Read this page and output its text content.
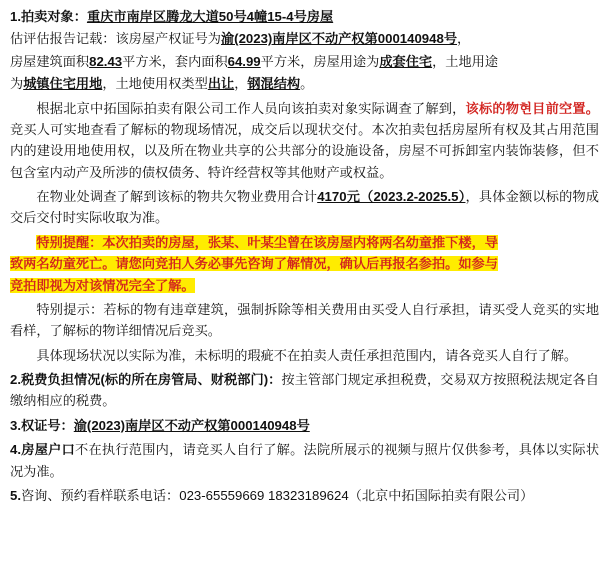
1.拍卖对象：重庆市南岸区腾龙大道50号4幢15-4号房屋

估评估报告记载：该房屋产权证号为渝(2023)南岸区不动产权第000140948号，

房屋建筑面积82.43平方米，套内面积64.99平方米，房屋用途为成套住宅，土地用途

为城镇住宅用地，土地使用权类型出让，钢混结构。

根据北京中拓国际拍卖有限公司工作人员向该拍卖对象实际调查了解到，该标的物현目前空置。竞买人可实地查看了解标的物现场情况，成交后以现状交付。本次拍卖包括房屋所有权及其占用范围内的建设用地使用权，以及所在物业共享的公共部分的设施设备，房屋不可拆卸室内装饰装修，但不包含室内动产及所涉的债权债务、特许经营权等其他财产或权益。

在物业处调查了解到该标的物共欠物业费用合计4170元（2023.2-2025.5），具体金额以标的物成交后交付时实际收取为准。

特别提醒：本次拍卖的房屋，张某、叶某尘曾在该房屋内将两名幼童推下楼，导

致两名幼童死亡。请您向竞拍人务必事先咨询了解情况，确认后再报名参拍。如参与

竞拍即视为对该情况完全了解。

特别提示：若标的物有违章建筑，强制拆除等相关费用由买受人自行承担，请买受人竞买的实地看样，了解标的物详细情况后竞买。

具体现场状况以实际为准，未标明的瑕疵不在拍卖人责任承担范围内，请各竞买人自行了解。

2.税费负担情况(标的所在房管局、财税部门)：按主管部门规定承担税费，交易双方按照税法规定各自缴纳相应的税费。

3.权证号：渝(2023)南岸区不动产权第000140948号

4.房屋户口不在执行范围内，请竞买人自行了解。法院所展示的视频与照片仅供参考，具体以实际状况为准。

5.咨询、预约看样联系电话：023-65559669 18323189624（北京中拓国际拍卖有限公司）
